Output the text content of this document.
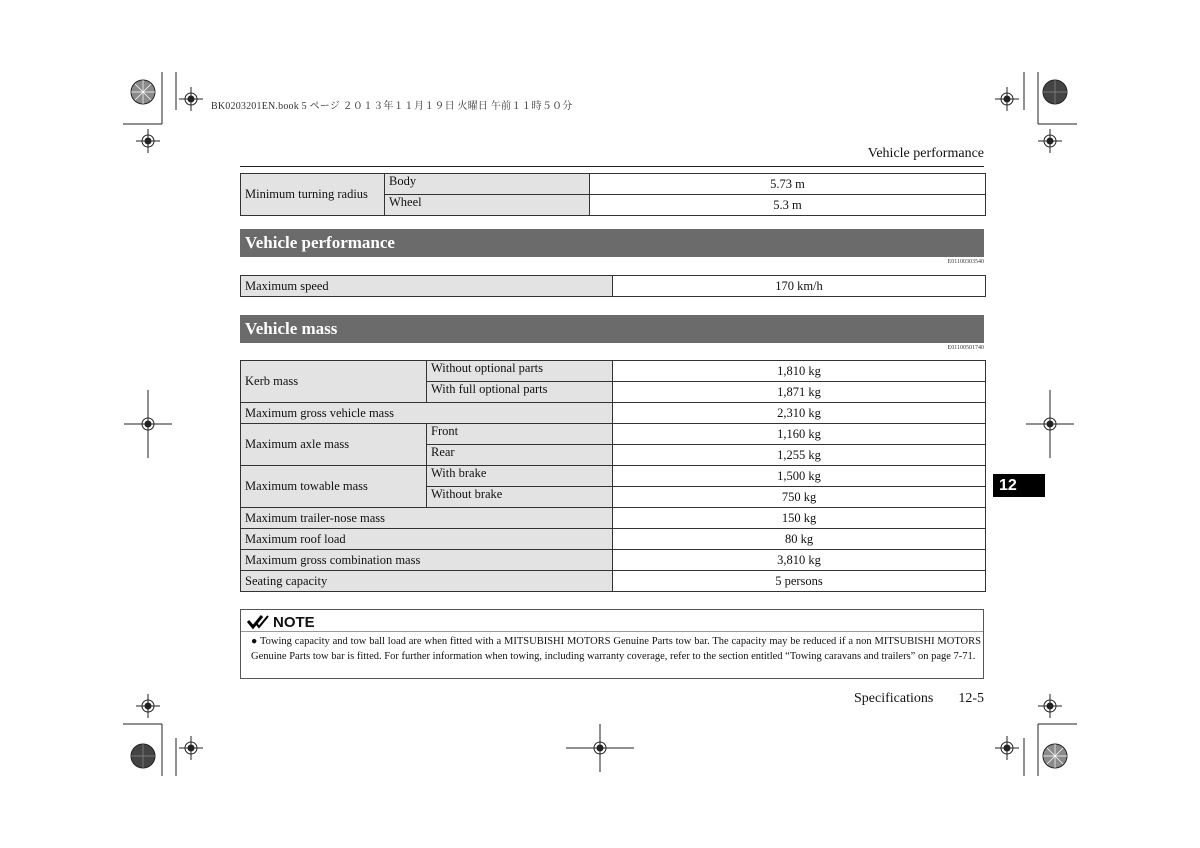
BK0203201EN.book 5 ページ ２０１３年１１月１９日 火曜日 午前１１時５０分
Vehicle performance
Minimum turning radius	Body	5.73 m
	Wheel	5.3 m
Vehicle performance
E01100303540
Maximum speed	170 km/h
Vehicle mass
E01100501740
Kerb mass	Without optional parts	1,810 kg
	With full optional parts	1,871 kg
Maximum gross vehicle mass		2,310 kg
Maximum axle mass	Front	1,160 kg
	Rear	1,255 kg
Maximum towable mass	With brake	1,500 kg
	Without brake	750 kg
Maximum trailer-nose mass		150 kg
Maximum roof load		80 kg
Maximum gross combination mass		3,810 kg
Seating capacity		5 persons
NOTE
● Towing capacity and tow ball load are when fitted with a MITSUBISHI MOTORS Genuine Parts tow bar. The capacity may be reduced if a non MITSUBISHI MOTORS Genuine Parts tow bar is fitted. For further information when towing, including warranty coverage, refer to the section entitled “Towing caravans and trailers” on page 7-71.
Specifications 12-5
12
